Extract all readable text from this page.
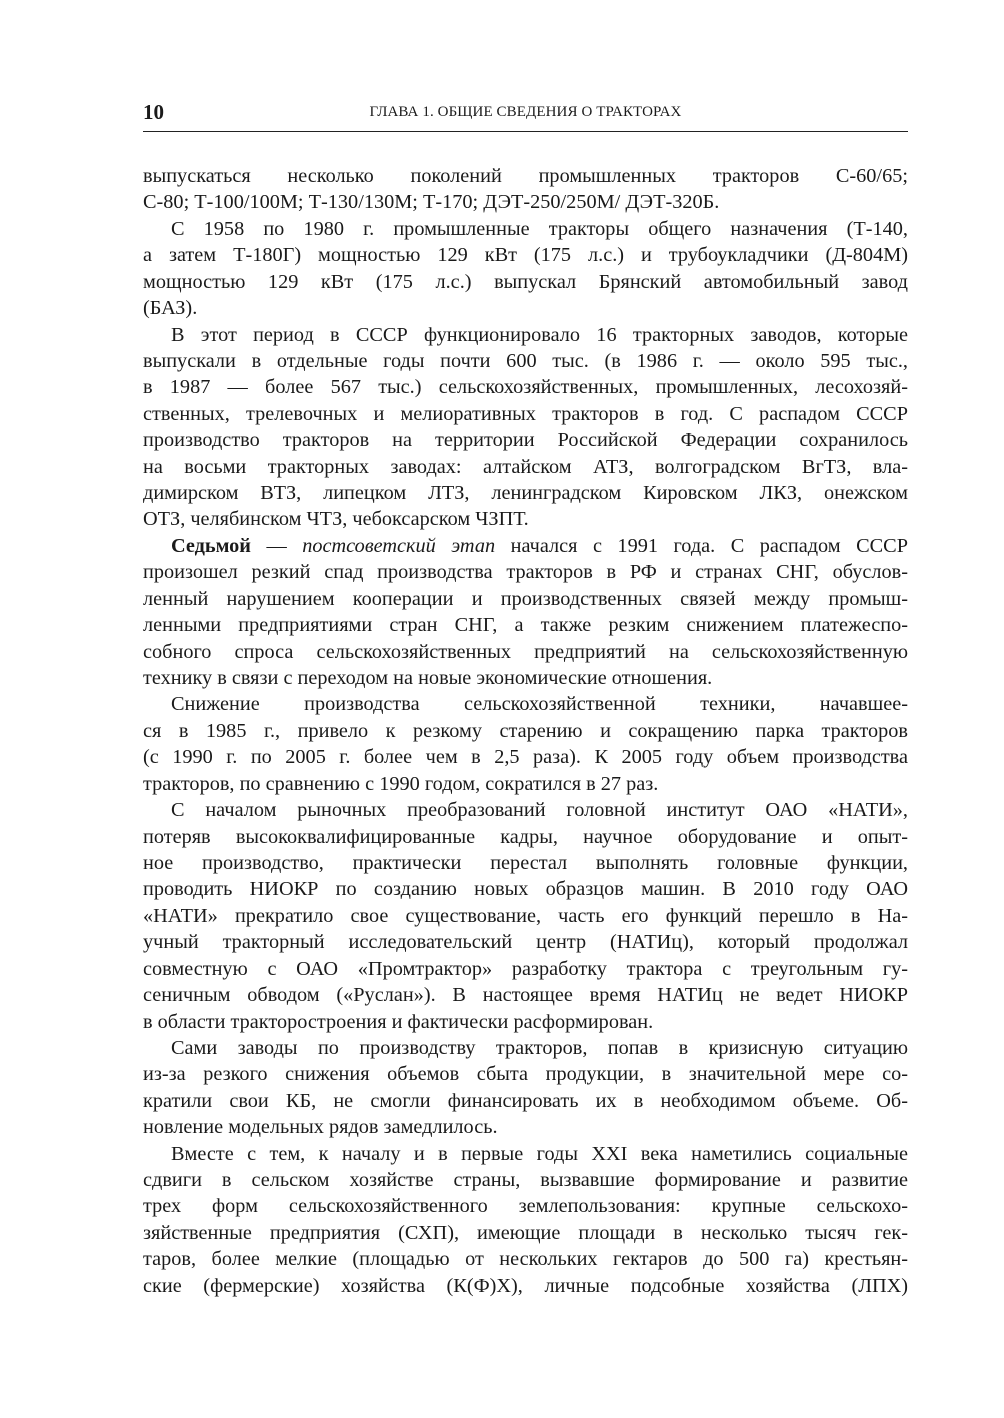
10	ГЛАВА 1. ОБЩИЕ СВЕДЕНИЯ О ТРАКТОРАХ
выпускаться несколько поколений промышленных тракторов С-60/65;
С-80; Т-100/100М; Т-130/130М; Т-170; ДЭТ-250/250М/ ДЭТ-320Б.
С 1958 по 1980 г. промышленные тракторы общего назначения (Т-140,
а затем Т-180Г) мощностью 129 кВт (175 л.с.) и трубоукладчики (Д-804М)
мощностью 129 кВт (175 л.с.) выпускал Брянский автомобильный завод
(БАЗ).
В этот период в СССР функционировало 16 тракторных заводов, которые
выпускали в отдельные годы почти 600 тыс. (в 1986 г. — около 595 тыс.,
в 1987 — более 567 тыс.) сельскохозяйственных, промышленных, лесохозяй-
ственных, трелевочных и мелиоративных тракторов в год. С распадом СССР
производство тракторов на территории Российской Федерации сохранилось
на восьми тракторных заводах: алтайском АТЗ, волгоградском ВгТЗ, вла-
димирском ВТЗ, липецком ЛТЗ, ленинградском Кировском ЛКЗ, онежском
ОТЗ, челябинском ЧТЗ, чебоксарском ЧЗПТ.
Седьмой — постсоветский этап начался с 1991 года. С распадом СССР
произошел резкий спад производства тракторов в РФ и странах СНГ, обуслов-
ленный нарушением кооперации и производственных связей между промыш-
ленными предприятиями стран СНГ, а также резким снижением платежеспо-
собного спроса сельскохозяйственных предприятий на сельскохозяйственную
технику в связи с переходом на новые экономические отношения.
Снижение производства сельскохозяйственной техники, начавшее-
ся в 1985 г., привело к резкому старению и сокращению парка тракторов
(с 1990 г. по 2005 г. более чем в 2,5 раза). К 2005 году объем производства
тракторов, по сравнению с 1990 годом, сократился в 27 раз.
С началом рыночных преобразований головной институт ОАО «НАТИ»,
потеряв высококвалифицированные кадры, научное оборудование и опыт-
ное производство, практически перестал выполнять головные функции,
проводить НИОКР по созданию новых образцов машин. В 2010 году ОАО
«НАТИ» прекратило свое существование, часть его функций перешло в На-
учный тракторный исследовательский центр (НАТИц), который продолжал
совместную с ОАО «Промтрактор» разработку трактора с треугольным гу-
сеничным обводом («Руслан»). В настоящее время НАТИц не ведет НИОКР
в области тракторостроения и фактически расформирован.
Сами заводы по производству тракторов, попав в кризисную ситуацию
из-за резкого снижения объемов сбыта продукции, в значительной мере со-
кратили свои КБ, не смогли финансировать их в необходимом объеме. Об-
новление модельных рядов замедлилось.
Вместе с тем, к началу и в первые годы XXI века наметились социальные
сдвиги в сельском хозяйстве страны, вызвавшие формирование и развитие
трех форм сельскохозяйственного землепользования: крупные сельскохо-
зяйственные предприятия (СХП), имеющие площади в несколько тысяч гек-
таров, более мелкие (площадью от нескольких гектаров до 500 га) крестьян-
ские (фермерские) хозяйства (К(Ф)Х), личные подсобные хозяйства (ЛПХ)
